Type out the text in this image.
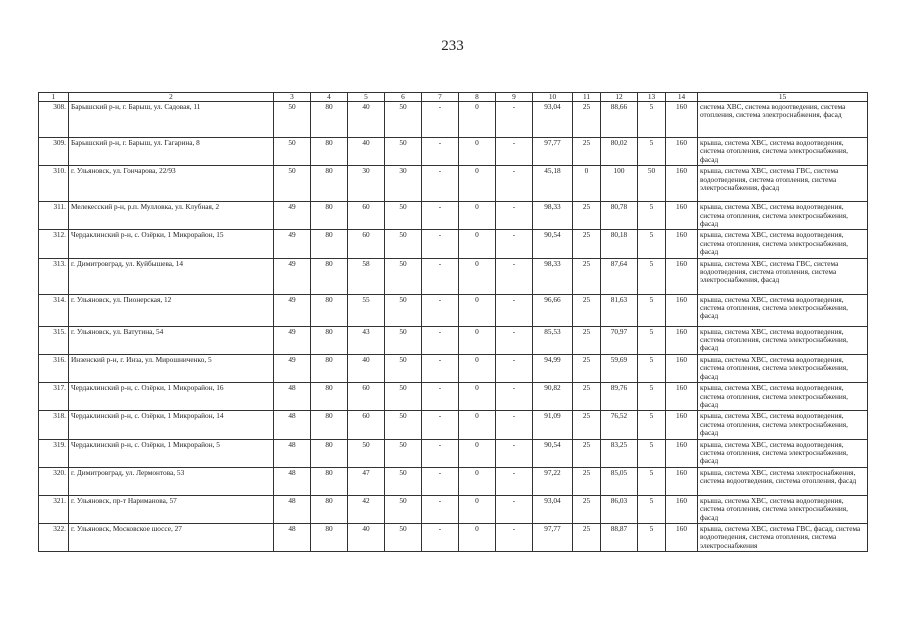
233
1	2	3	4	5	6	7	8	9	10	11	12	13	14	15
308.	Барышский р-н, г. Барыш, ул. Садовая, 11	50	80	40	50	-	0	-	93,04	25	88,66	5	160	система ХВС, система водоотведения, система отопления, система электроснабжения, фасад
309.	Барышский р-н, г. Барыш, ул. Гагарина, 8	50	80	40	50	-	0	-	97,77	25	80,02	5	160	крыша, система ХВС, система водоотведения, система отопления, система электроснабжения, фасад
310.	г. Ульяновск, ул. Гончарова, 22/93	50	80	30	30	-	0	-	45,18	0	100	50	160	крыша, система ХВС, система ГВС, система водоотведения, система отопления, система электроснабжения, фасад
311.	Мелекесский р-н, р.п. Мулловка, ул. Клубная, 2	49	80	60	50	-	0	-	98,33	25	80,78	5	160	крыша, система ХВС, система водоотведения, система отопления, система электроснабжения, фасад
312.	Чердаклинский р-н, с. Озёрки, 1 Микрорайон, 15	49	80	60	50	-	0	-	90,54	25	80,18	5	160	крыша, система ХВС, система водоотведения, система отопления, система электроснабжения, фасад
313.	г. Димитровград, ул. Куйбышева, 14	49	80	58	50	-	0	-	98,33	25	87,64	5	160	крыша, система ХВС, система ГВС, система водоотведения, система отопления, система электроснабжения, фасад
314.	г. Ульяновск, ул. Пионерская, 12	49	80	55	50	-	0	-	96,66	25	81,63	5	160	крыша, система ХВС, система водоотведения, система отопления, система электроснабжения, фасад
315.	г. Ульяновск, ул. Ватутина, 54	49	80	43	50	-	0	-	85,53	25	70,97	5	160	крыша, система ХВС, система водоотведения, система отопления, система электроснабжения, фасад
316.	Инзенский р-н, г. Инза, ул. Мирошниченко, 5	49	80	40	50	-	0	-	94,99	25	59,69	5	160	крыша, система ХВС, система водоотведения, система отопления, система электроснабжения, фасад
317.	Чердаклинский р-н, с. Озёрки, 1 Микрорайон, 16	48	80	60	50	-	0	-	90,82	25	89,76	5	160	крыша, система ХВС, система водоотведения, система отопления, система электроснабжения, фасад
318.	Чердаклинский р-н, с. Озёрки, 1 Микрорайон, 14	48	80	60	50	-	0	-	91,09	25	76,52	5	160	крыша, система ХВС, система водоотведения, система отопления, система электроснабжения, фасад
319.	Чердаклинский р-н, с. Озёрки, 1 Микрорайон, 5	48	80	50	50	-	0	-	90,54	25	83,25	5	160	крыша, система ХВС, система водоотведения, система отопления, система электроснабжения, фасад
320.	г. Димитровград, ул. Лермонтова, 53	48	80	47	50	-	0	-	97,22	25	85,05	5	160	крыша, система ХВС, система электроснабжения, система водоотведения, система отопления, фасад
321.	г. Ульяновск, пр-т Нариманова, 57	48	80	42	50	-	0	-	93,04	25	86,03	5	160	крыша, система ХВС, система водоотведения, система отопления, система электроснабжения, фасад
322.	г. Ульяновск, Московское шоссе, 27	48	80	40	50	-	0	-	97,77	25	88,87	5	160	крыша, система ХВС, система ГВС, фасад, система водоотведения, система отопления, система электроснабжения
